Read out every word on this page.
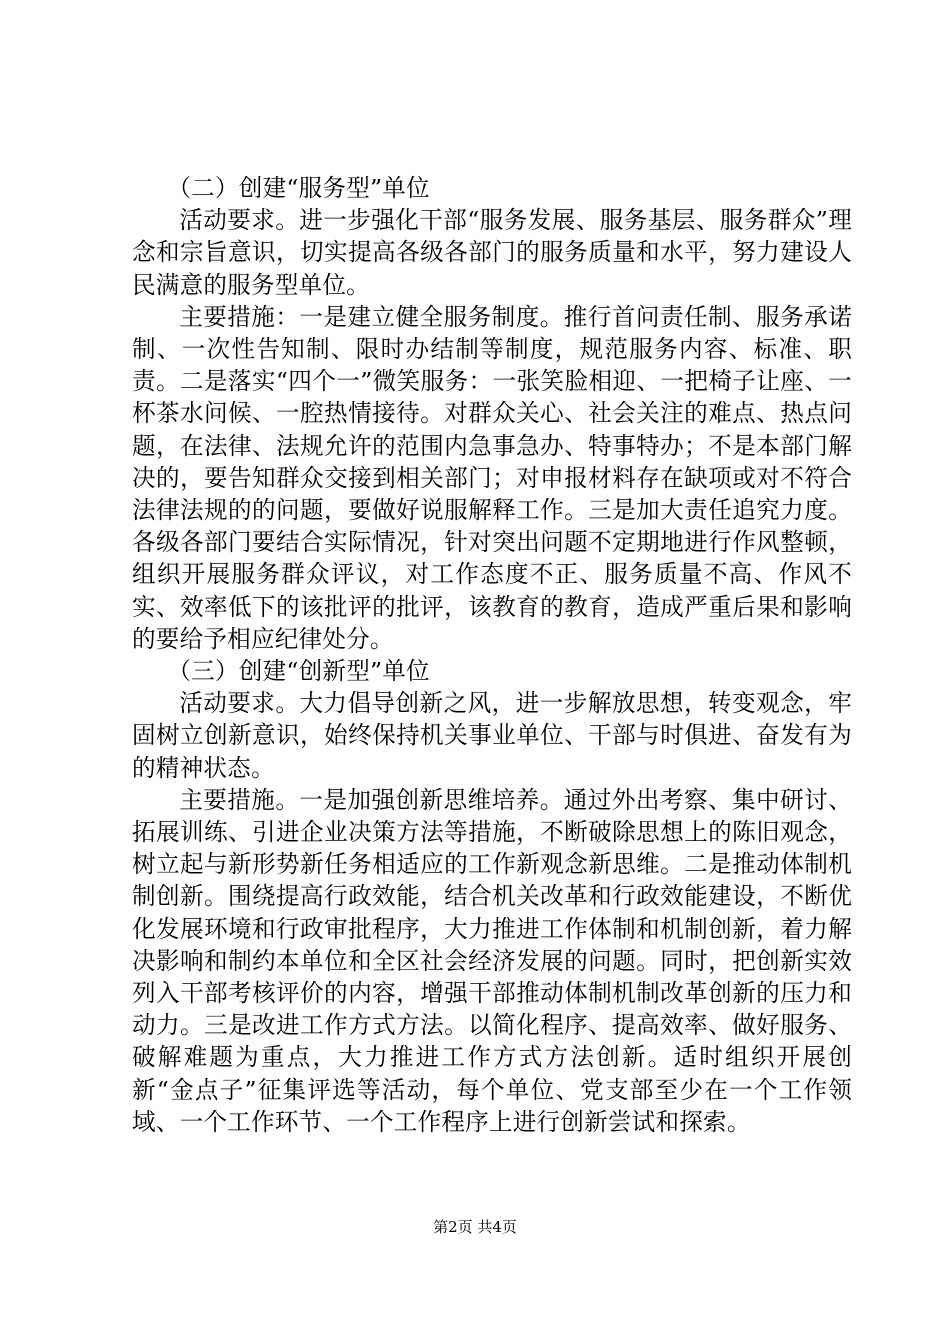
（二）创建“服务型”单位

活动要求。进一步强化干部“服务发展、服务基层、服务群众”理念和宗旨意识，切实提高各级各部门的服务质量和水平，努力建设人民满意的服务型单位。

主要措施：一是建立健全服务制度。推行首问责任制、服务承诺制、一次性告知制、限时办结制等制度，规范服务内容、标准、职责。二是落实“四个一”微笑服务：一张笑脸相迎、一把椅子让座、一杯茶水问候、一腔热情接待。对群众关心、社会关注的难点、热点问题，在法律、法规允许的范围内急事急办、特事特办；不是本部门解决的，要告知群众交接到相关部门；对申报材料存在缺项或对不符合法律法规的的问题，要做好说服解释工作。三是加大责任追究力度。各级各部门要结合实际情况，针对突出问题不定期地进行作风整顿，组织开展服务群众评议，对工作态度不正、服务质量不高、作风不实、效率低下的该批评的批评，该教育的教育，造成严重后果和影响的要给予相应纪律处分。

（三）创建“创新型”单位

活动要求。大力倡导创新之风，进一步解放思想，转变观念，牢固树立创新意识，始终保持机关事业单位、干部与时俱进、奋发有为的精神状态。

主要措施。一是加强创新思维培养。通过外出考察、集中研讨、拓展训练、引进企业决策方法等措施，不断破除思想上的陈旧观念，树立起与新形势新任务相适应的工作新观念新思维。二是推动体制机制创新。围绕提高行政效能，结合机关改革和行政效能建设，不断优化发展环境和行政审批程序，大力推进工作体制和机制创新，着力解决影响和制约本单位和全区社会经济发展的问题。同时，把创新实效列入干部考核评价的内容，增强干部推动体制机制改革创新的压力和动力。三是改进工作方式方法。以简化程序、提高效率、做好服务、破解难题为重点，大力推进工作方式方法创新。适时组织开展创新“金点子”征集评选等活动，每个单位、党支部至少在一个工作领域、一个工作环节、一个工作程序上进行创新尝试和探索。

第2页 共4页
